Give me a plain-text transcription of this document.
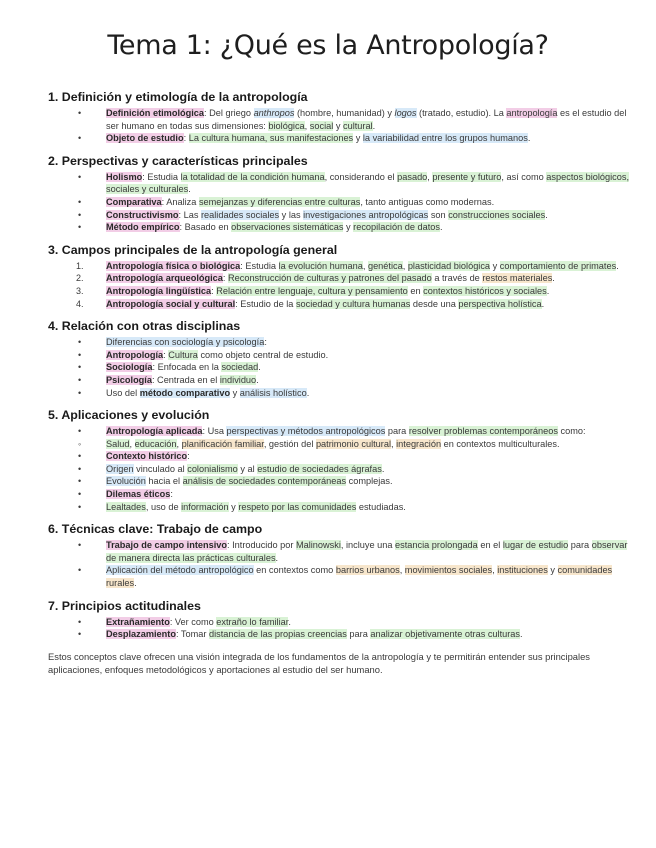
Tema 1: ¿Qué es la Antropología?
1. Definición y etimología de la antropología
•	Definición etimológica: Del griego anthropos (hombre, humanidad) y logos (tratado, estudio). La antropología es el estudio del ser humano en todas sus dimensiones: biológica, social y cultural.
•	Objeto de estudio: La cultura humana, sus manifestaciones y la variabilidad entre los grupos humanos.
2. Perspectivas y características principales
•	Holismo: Estudia la totalidad de la condición humana, considerando el pasado, presente y futuro, así como aspectos biológicos, sociales y culturales.
•	Comparativa: Analiza semejanzas y diferencias entre culturas, tanto antiguas como modernas.
•	Constructivismo: Las realidades sociales y las investigaciones antropológicas son construcciones sociales.
•	Método empírico: Basado en observaciones sistemáticas y recopilación de datos.
3. Campos principales de la antropología general
1. Antropología física o biológica: Estudia la evolución humana, genética, plasticidad biológica y comportamiento de primates.
2. Antropología arqueológica: Reconstrucción de culturas y patrones del pasado a través de restos materiales.
3. Antropología lingüística: Relación entre lenguaje, cultura y pensamiento en contextos históricos y sociales.
4. Antropología social y cultural: Estudio de la sociedad y cultura humanas desde una perspectiva holística.
4. Relación con otras disciplinas
•	Diferencias con sociología y psicología:
•	Antropología: Cultura como objeto central de estudio.
•	Sociología: Enfocada en la sociedad.
•	Psicología: Centrada en el individuo.
•	Uso del método comparativo y análisis holístico.
5. Aplicaciones y evolución
•	Antropología aplicada: Usa perspectivas y métodos antropológicos para resolver problemas contemporáneos como:
◦	Salud, educación, planificación familiar, gestión del patrimonio cultural, integración en contextos multiculturales.
•	Contexto histórico:
•	Origen vinculado al colonialismo y al estudio de sociedades ágrafas.
•	Evolución hacia el análisis de sociedades contemporáneas complejas.
•	Dilemas éticos:
•	Lealtades, uso de información y respeto por las comunidades estudiadas.
6. Técnicas clave: Trabajo de campo
•	Trabajo de campo intensivo: Introducido por Malinowski, incluye una estancia prolongada en el lugar de estudio para observar de manera directa las prácticas culturales.
•	Aplicación del método antropológico en contextos como barrios urbanos, movimientos sociales, instituciones y comunidades rurales.
7. Principios actitudinales
•	Extrañamiento: Ver como extraño lo familiar.
•	Desplazamiento: Tomar distancia de las propias creencias para analizar objetivamente otras culturas.
Estos conceptos clave ofrecen una visión integrada de los fundamentos de la antropología y te permitirán entender sus principales aplicaciones, enfoques metodológicos y aportaciones al estudio del ser humano.
